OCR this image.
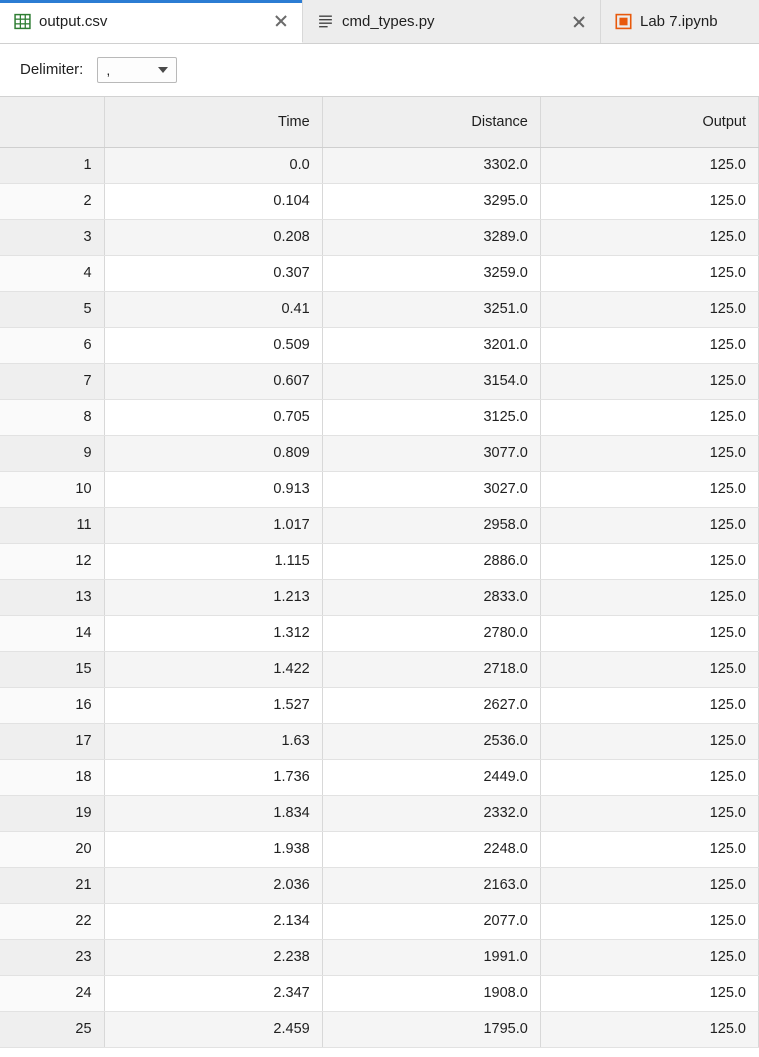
output.csv	cmd_types.py	Lab 7.ipynb
Delimiter: ,
	Time	Distance	Output
1	0.0	3302.0	125.0
2	0.104	3295.0	125.0
3	0.208	3289.0	125.0
4	0.307	3259.0	125.0
5	0.41	3251.0	125.0
6	0.509	3201.0	125.0
7	0.607	3154.0	125.0
8	0.705	3125.0	125.0
9	0.809	3077.0	125.0
10	0.913	3027.0	125.0
11	1.017	2958.0	125.0
12	1.115	2886.0	125.0
13	1.213	2833.0	125.0
14	1.312	2780.0	125.0
15	1.422	2718.0	125.0
16	1.527	2627.0	125.0
17	1.63	2536.0	125.0
18	1.736	2449.0	125.0
19	1.834	2332.0	125.0
20	1.938	2248.0	125.0
21	2.036	2163.0	125.0
22	2.134	2077.0	125.0
23	2.238	1991.0	125.0
24	2.347	1908.0	125.0
25	2.459	1795.0	125.0
